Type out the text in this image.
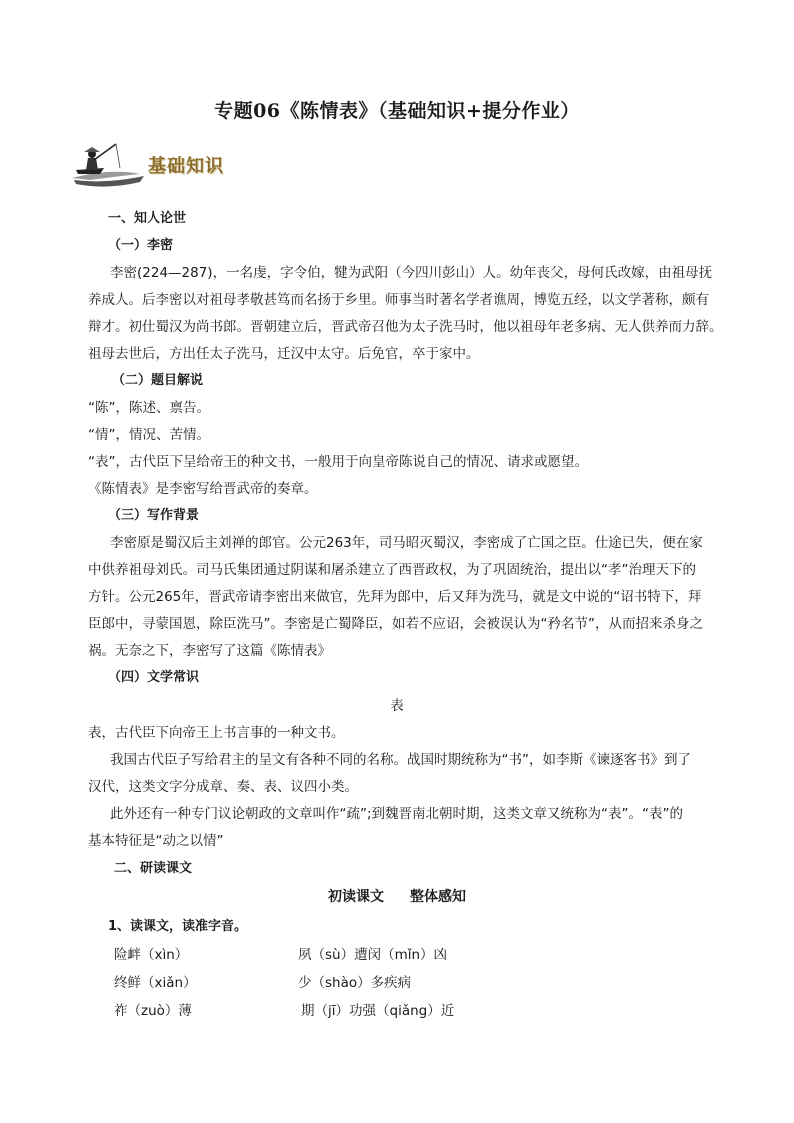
专题06《陈情表》（基础知识+提分作业）
基础知识
一、知人论世
（一）李密
李密(224—287)，一名虔，字令伯，犍为武阳（今四川彭山）人。幼年丧父，母何氏改嫁，由祖母抚
养成人。后李密以对祖母孝敬甚笃而名扬于乡里。师事当时著名学者谯周，博览五经，以文学著称，颇有
辩才。初仕蜀汉为尚书郎。晋朝建立后，晋武帝召他为太子洗马时，他以祖母年老多病、无人供养而力辞。
祖母去世后，方出任太子洗马，迁汉中太守。后免官，卒于家中。
（二）题目解说
“陈”，陈述、禀告。
“情”，情况、苦情。
“表”，古代臣下呈给帝王的种文书，一般用于向皇帝陈说自己的情况、请求或愿望。
《陈情表》是李密写给晋武帝的奏章。
（三）写作背景
李密原是蜀汉后主刘禅的郎官。公元263年，司马昭灭蜀汉，李密成了亡国之臣。仕途已失，便在家
中供养祖母刘氏。司马氏集团通过阴谋和屠杀建立了西晋政权，为了巩固统治，提出以“孝”治理天下的
方针。公元265年，晋武帝请李密出来做官，先拜为郎中，后又拜为洗马，就是文中说的“诏书特下，拜
臣郎中，寻蒙国恩，除臣洗马”。李密是亡蜀降臣，如若不应诏，会被误认为“矜名节”，从而招来杀身之
祸。无奈之下，李密写了这篇《陈情表》
（四）文学常识
表
表，古代臣下向帝王上书言事的一种文书。
我国古代臣子写给君主的呈文有各种不同的名称。战国时期统称为“书”，如李斯《谏逐客书》到了
汉代，这类文字分成章、奏、表、议四小类。
此外还有一种专门议论朝政的文章叫作“疏”;到魏晋南北朝时期，这类文章又统称为“表”。“表”的
基本特征是“动之以情”
二、研读课文
初读课文 整体感知
1、读课文，读准字音。
险衅（xìn）	夙（sù）遭闵（mǐn）凶
终鲜（xiǎn）	少（shào）多疾病
祚（zuò）薄	期（jī）功强（qiǎng）近
